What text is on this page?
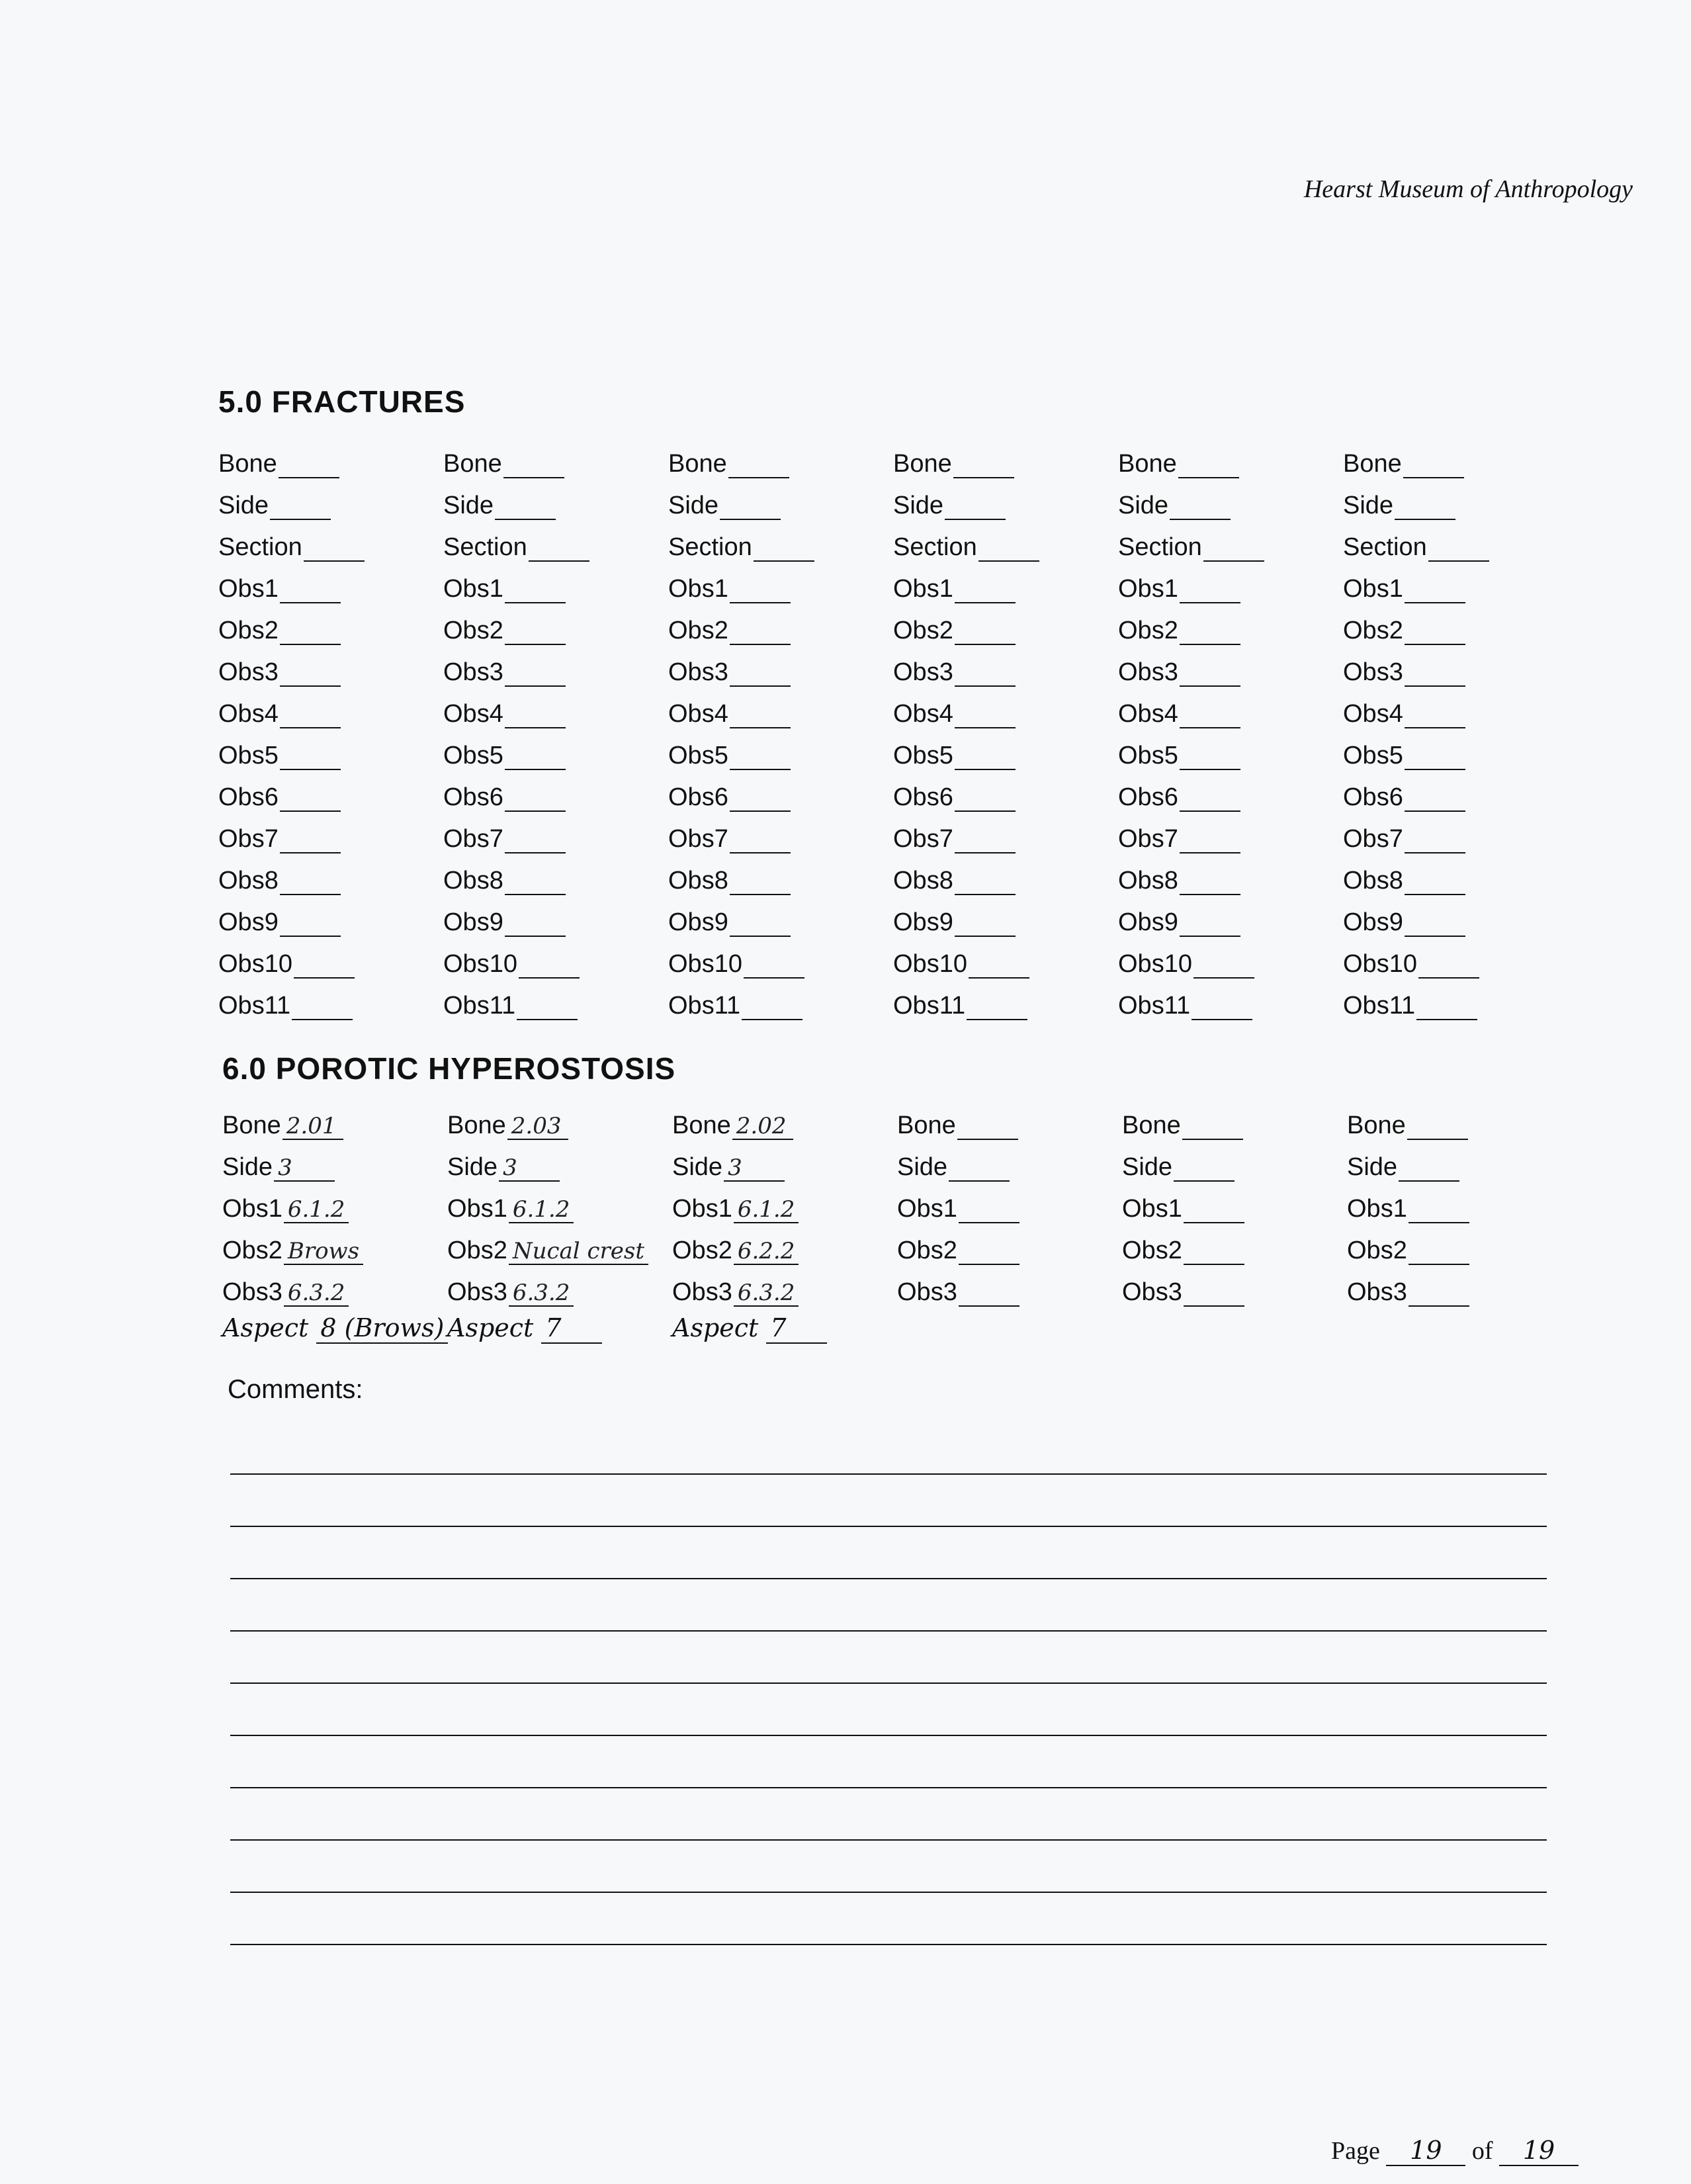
Hearst Museum of Anthropology
5.0 FRACTURES
Bone
Side
Section
Obs1
Obs2
Obs3
Obs4
Obs5
Obs6
Obs7
Obs8
Obs9
Obs10
Obs11
Bone
Side
Section
Obs1
Obs2
Obs3
Obs4
Obs5
Obs6
Obs7
Obs8
Obs9
Obs10
Obs11
Bone
Side
Section
Obs1
Obs2
Obs3
Obs4
Obs5
Obs6
Obs7
Obs8
Obs9
Obs10
Obs11
Bone
Side
Section
Obs1
Obs2
Obs3
Obs4
Obs5
Obs6
Obs7
Obs8
Obs9
Obs10
Obs11
Bone
Side
Section
Obs1
Obs2
Obs3
Obs4
Obs5
Obs6
Obs7
Obs8
Obs9
Obs10
Obs11
Bone
Side
Section
Obs1
Obs2
Obs3
Obs4
Obs5
Obs6
Obs7
Obs8
Obs9
Obs10
Obs11
6.0 POROTIC HYPEROSTOSIS
Bone 2.01
Side 3
Obs1 6.1.2
Obs2 Brows
Obs3 6.3.2
Bone 2.03
Side 3
Obs1 6.1.2
Obs2 Nucal crest
Obs3 6.3.2
Bone 2.02
Side 3
Obs1 6.1.2
Obs2 6.2.2
Obs3 6.3.2
Bone
Side
Obs1
Obs2
Obs3
Bone
Side
Obs1
Obs2
Obs3
Bone
Side
Obs1
Obs2
Obs3
Aspect 8 (Brows) Aspect 7	Aspect 7
Comments:
Page 19 of 19
